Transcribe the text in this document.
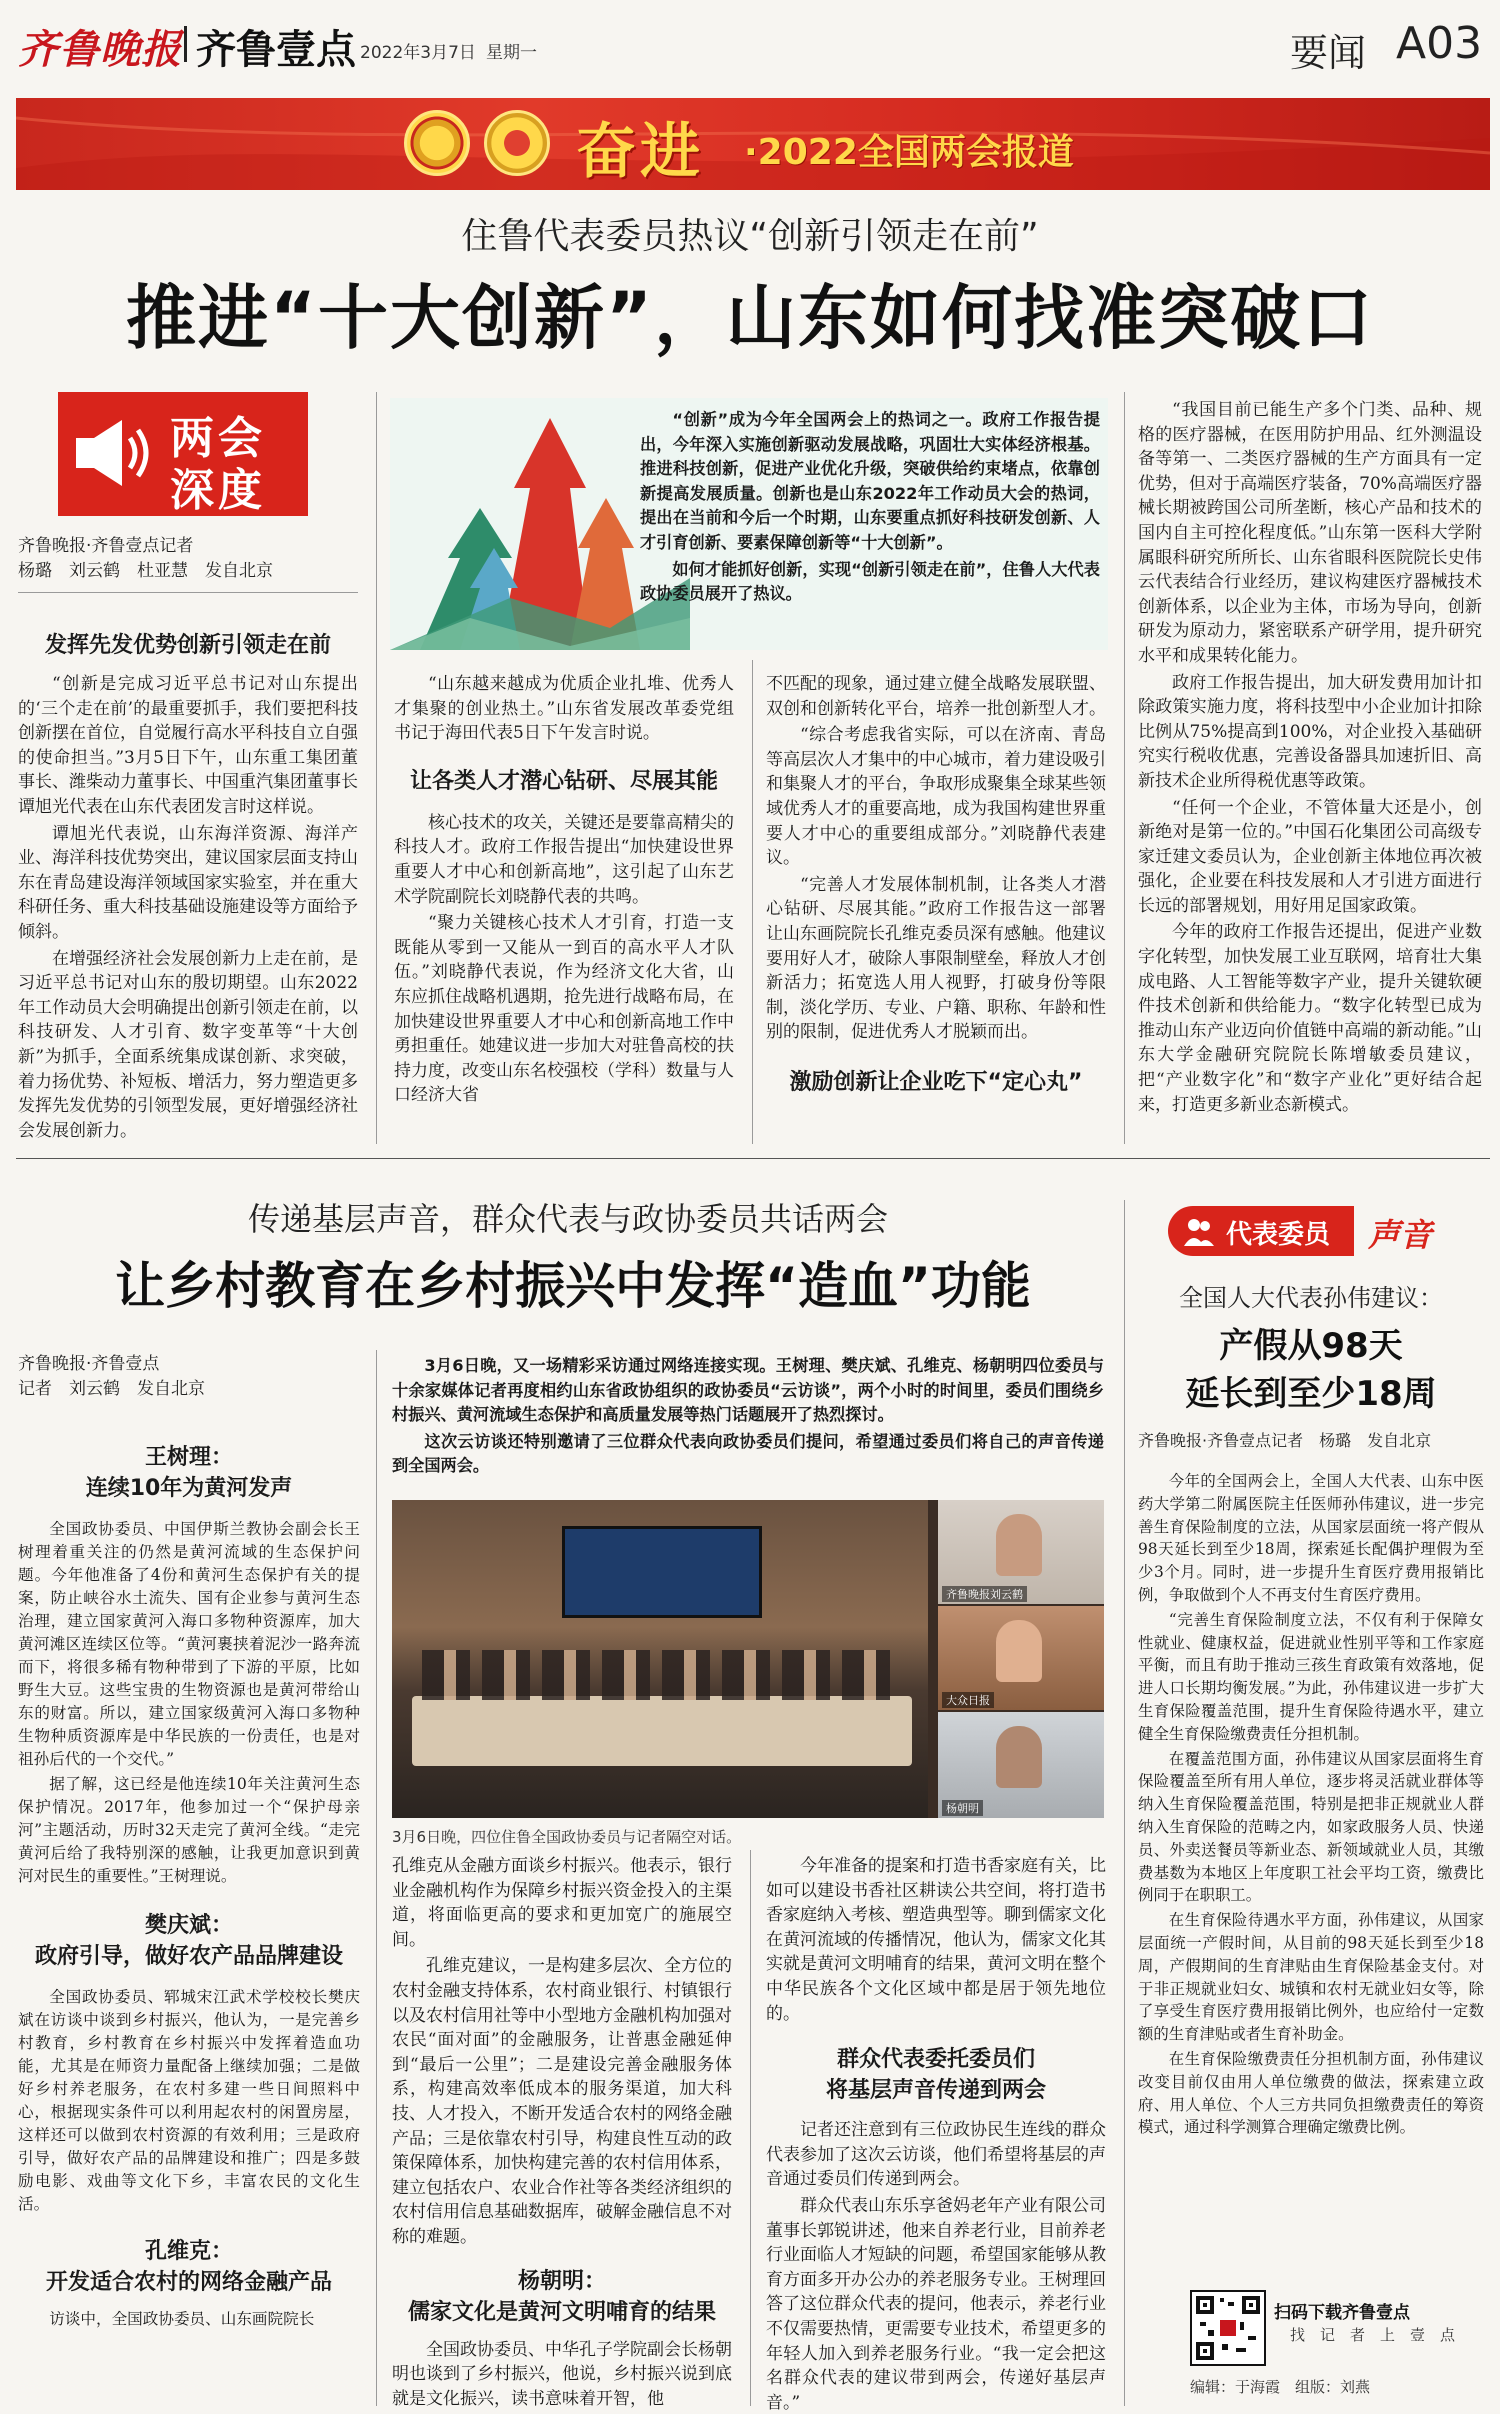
齐鲁晚报 齐鲁壹点 2022年3月7日 星期一	要闻 A03
奋进 ·2022全国两会报道
住鲁代表委员热议“创新引领走在前”
推进“十大创新”，山东如何找准突破口
两会
深度
齐鲁晚报·齐鲁壹点记者
杨璐　刘云鹤　杜亚慧　发自北京

“创新”成为今年全国两会上的热词之一。政府工作报告提出，今年深入实施创新驱动发展战略，巩固壮大实体经济根基。推进科技创新，促进产业优化升级，突破供给约束堵点，依靠创新提高发展质量。创新也是山东2022年工作动员大会的热词，提出在当前和今后一个时期，山东要重点抓好科技研发创新、人才引育创新、要素保障创新等“十大创新”。

如何才能抓好创新，实现“创新引领走在前”，住鲁人大代表政协委员展开了热议。

发挥先发优势创新引领走在前

“创新是完成习近平总书记对山东提出的‘三个走在前’的最重要抓手，我们要把科技创新摆在首位，自觉履行高水平科技自立自强的使命担当。”3月5日下午，山东重工集团董事长、潍柴动力董事长、中国重汽集团董事长谭旭光代表在山东代表团发言时这样说。

谭旭光代表说，山东海洋资源、海洋产业、海洋科技优势突出，建议国家层面支持山东在青岛建设海洋领域国家实验室，并在重大科研任务、重大科技基础设施建设等方面给予倾斜。

在增强经济社会发展创新力上走在前，是习近平总书记对山东的殷切期望。山东2022年工作动员大会明确提出创新引领走在前，以科技研发、人才引育、数字变革等“十大创新”为抓手，全面系统集成谋创新、求突破，着力扬优势、补短板、增活力，努力塑造更多发挥先发优势的引领型发展，更好增强经济社会发展创新力。

“山东越来越成为优质企业扎堆、优秀人才集聚的创业热土。”山东省发展改革委党组书记于海田代表5日下午发言时说。

让各类人才潜心钻研、尽展其能

核心技术的攻关，关键还是要靠高精尖的科技人才。政府工作报告提出“加快建设世界重要人才中心和创新高地”，这引起了山东艺术学院副院长刘晓静代表的共鸣。

“聚力关键核心技术人才引育，打造一支既能从零到一又能从一到百的高水平人才队伍。”刘晓静代表说，作为经济文化大省，山东应抓住战略机遇期，抢先进行战略布局，在加快建设世界重要人才中心和创新高地工作中勇担重任。她建议进一步加大对驻鲁高校的扶持力度，改变山东名校强校（学科）数量与人口经济大省

不匹配的现象，通过建立健全战略发展联盟、双创和创新转化平台，培养一批创新型人才。

“综合考虑我省实际，可以在济南、青岛等高层次人才集中的中心城市，着力建设吸引和集聚人才的平台，争取形成聚集全球某些领域优秀人才的重要高地，成为我国构建世界重要人才中心的重要组成部分。”刘晓静代表建议。

“完善人才发展体制机制，让各类人才潜心钻研、尽展其能。”政府工作报告这一部署让山东画院院长孔维克委员深有感触。他建议要用好人才，破除人事限制壁垒，释放人才创新活力；拓宽选人用人视野，打破身份等限制，淡化学历、专业、户籍、职称、年龄和性别的限制，促进优秀人才脱颖而出。

激励创新让企业吃下“定心丸”

“我国目前已能生产多个门类、品种、规格的医疗器械，在医用防护用品、红外测温设备等第一、二类医疗器械的生产方面具有一定优势，但对于高端医疗装备，70%高端医疗器械长期被跨国公司所垄断，核心产品和技术的国内自主可控化程度低。”山东第一医科大学附属眼科研究所所长、山东省眼科医院院长史伟云代表结合行业经历，建议构建医疗器械技术创新体系，以企业为主体，市场为导向，创新研发为原动力，紧密联系产研学用，提升研究水平和成果转化能力。

政府工作报告提出，加大研发费用加计扣除政策实施力度，将科技型中小企业加计扣除比例从75%提高到100%，对企业投入基础研究实行税收优惠，完善设备器具加速折旧、高新技术企业所得税优惠等政策。

“任何一个企业，不管体量大还是小，创新绝对是第一位的。”中国石化集团公司高级专家迁建文委员认为，企业创新主体地位再次被强化，企业要在科技发展和人才引进方面进行长远的部署规划，用好用足国家政策。

今年的政府工作报告还提出，促进产业数字化转型，加快发展工业互联网，培育壮大集成电路、人工智能等数字产业，提升关键软硬件技术创新和供给能力。“数字化转型已成为推动山东产业迈向价值链中高端的新动能。”山东大学金融研究院院长陈增敏委员建议，把“产业数字化”和“数字产业化”更好结合起来，打造更多新业态新模式。

传递基层声音，群众代表与政协委员共话两会
让乡村教育在乡村振兴中发挥“造血”功能
齐鲁晚报·齐鲁壹点
记者　刘云鹤　发自北京

3月6日晚，又一场精彩采访通过网络连接实现。王树理、樊庆斌、孔维克、杨朝明四位委员与十余家媒体记者再度相约山东省政协组织的政协委员“云访谈”，两个小时的时间里，委员们围绕乡村振兴、黄河流域生态保护和高质量发展等热门话题展开了热烈探讨。

这次云访谈还特别邀请了三位群众代表向政协委员们提问，希望通过委员们将自己的声音传递到全国两会。

齐鲁晚报刘云鹤
大众日报
杨朝明
3月6日晚，四位住鲁全国政协委员与记者隔空对话。
王树理：
连续10年为黄河发声

全国政协委员、中国伊斯兰教协会副会长王树理着重关注的仍然是黄河流域的生态保护问题。今年他准备了4份和黄河生态保护有关的提案，防止峡谷水土流失、国有企业参与黄河生态治理，建立国家黄河入海口多物种资源库，加大黄河滩区连续区位等。“黄河裹挟着泥沙一路奔流而下，将很多稀有物种带到了下游的平原，比如野生大豆。这些宝贵的生物资源也是黄河带给山东的财富。所以，建立国家级黄河入海口多物种生物种质资源库是中华民族的一份责任，也是对祖孙后代的一个交代。”

据了解，这已经是他连续10年关注黄河生态保护情况。2017年，他参加过一个“保护母亲河”主题活动，历时32天走完了黄河全线。“走完黄河后给了我特别深的感触，让我更加意识到黄河对民生的重要性。”王树理说。

樊庆斌：
政府引导，做好农产品品牌建设

全国政协委员、郓城宋江武术学校校长樊庆斌在访谈中谈到乡村振兴，他认为，一是完善乡村教育，乡村教育在乡村振兴中发挥着造血功能，尤其是在师资力量配备上继续加强；二是做好乡村养老服务，在农村多建一些日间照料中心，根据现实条件可以利用起农村的闲置房屋，这样还可以做到农村资源的有效利用；三是政府引导，做好农产品的品牌建设和推广；四是多鼓励电影、戏曲等文化下乡，丰富农民的文化生活。

孔维克：
开发适合农村的网络金融产品

访谈中，全国政协委员、山东画院院长

孔维克从金融方面谈乡村振兴。他表示，银行业金融机构作为保障乡村振兴资金投入的主渠道，将面临更高的要求和更加宽广的施展空间。

孔维克建议，一是构建多层次、全方位的农村金融支持体系，农村商业银行、村镇银行以及农村信用社等中小型地方金融机构加强对农民“面对面”的金融服务，让普惠金融延伸到“最后一公里”；二是建设完善金融服务体系，构建高效率低成本的服务渠道，加大科技、人才投入，不断开发适合农村的网络金融产品；三是依靠农村引导，构建良性互动的政策保障体系，加快构建完善的农村信用体系，建立包括农户、农业合作社等各类经济组织的农村信用信息基础数据库，破解金融信息不对称的难题。

杨朝明：
儒家文化是黄河文明哺育的结果

全国政协委员、中华孔子学院副会长杨朝明也谈到了乡村振兴，他说，乡村振兴说到底就是文化振兴，读书意味着开智，他

今年准备的提案和打造书香家庭有关，比如可以建设书香社区耕读公共空间，将打造书香家庭纳入考核、塑造典型等。聊到儒家文化在黄河流域的传播情况，他认为，儒家文化其实就是黄河文明哺育的结果，黄河文明在整个中华民族各个文化区域中都是居于领先地位的。

群众代表委托委员们
将基层声音传递到两会

记者还注意到有三位政协民生连线的群众代表参加了这次云访谈，他们希望将基层的声音通过委员们传递到两会。

群众代表山东乐享爸妈老年产业有限公司董事长郭锐讲述，他来自养老行业，目前养老行业面临人才短缺的问题，希望国家能够从教育方面多开办公办的养老服务专业。王树理回答了这位群众代表的提问，他表示，养老行业不仅需要热情，更需要专业技术，希望更多的年轻人加入到养老服务行业。“我一定会把这名群众代表的建议带到两会，传递好基层声音。”

代表委员 声音
全国人大代表孙伟建议：
产假从98天
延长到至少18周
齐鲁晚报·齐鲁壹点记者　杨璐　发自北京

今年的全国两会上，全国人大代表、山东中医药大学第二附属医院主任医师孙伟建议，进一步完善生育保险制度的立法，从国家层面统一将产假从98天延长到至少18周，探索延长配偶护理假为至少3个月。同时，进一步提升生育医疗费用报销比例，争取做到个人不再支付生育医疗费用。

“完善生育保险制度立法，不仅有利于保障女性就业、健康权益，促进就业性别平等和工作家庭平衡，而且有助于推动三孩生育政策有效落地，促进人口长期均衡发展。”为此，孙伟建议进一步扩大生育保险覆盖范围，提升生育保险待遇水平，建立健全生育保险缴费责任分担机制。

在覆盖范围方面，孙伟建议从国家层面将生育保险覆盖至所有用人单位，逐步将灵活就业群体等纳入生育保险覆盖范围，特别是把非正规就业人群纳入生育保险的范畴之内，如家政服务人员、快递员、外卖送餐员等新业态、新领域就业人员，其缴费基数为本地区上年度职工社会平均工资，缴费比例同于在职职工。

在生育保险待遇水平方面，孙伟建议，从国家层面统一产假时间，从目前的98天延长到至少18周，产假期间的生育津贴由生育保险基金支付。对于非正规就业妇女、城镇和农村无就业妇女等，除了享受生育医疗费用报销比例外，也应给付一定数额的生育津贴或者生育补助金。

在生育保险缴费责任分担机制方面，孙伟建议改变目前仅由用人单位缴费的做法，探索建立政府、用人单位、个人三方共同负担缴费责任的筹资模式，通过科学测算合理确定缴费比例。

扫码下载齐鲁壹点
找　记　者 上　壹　点
编辑：于海霞　组版：刘燕
